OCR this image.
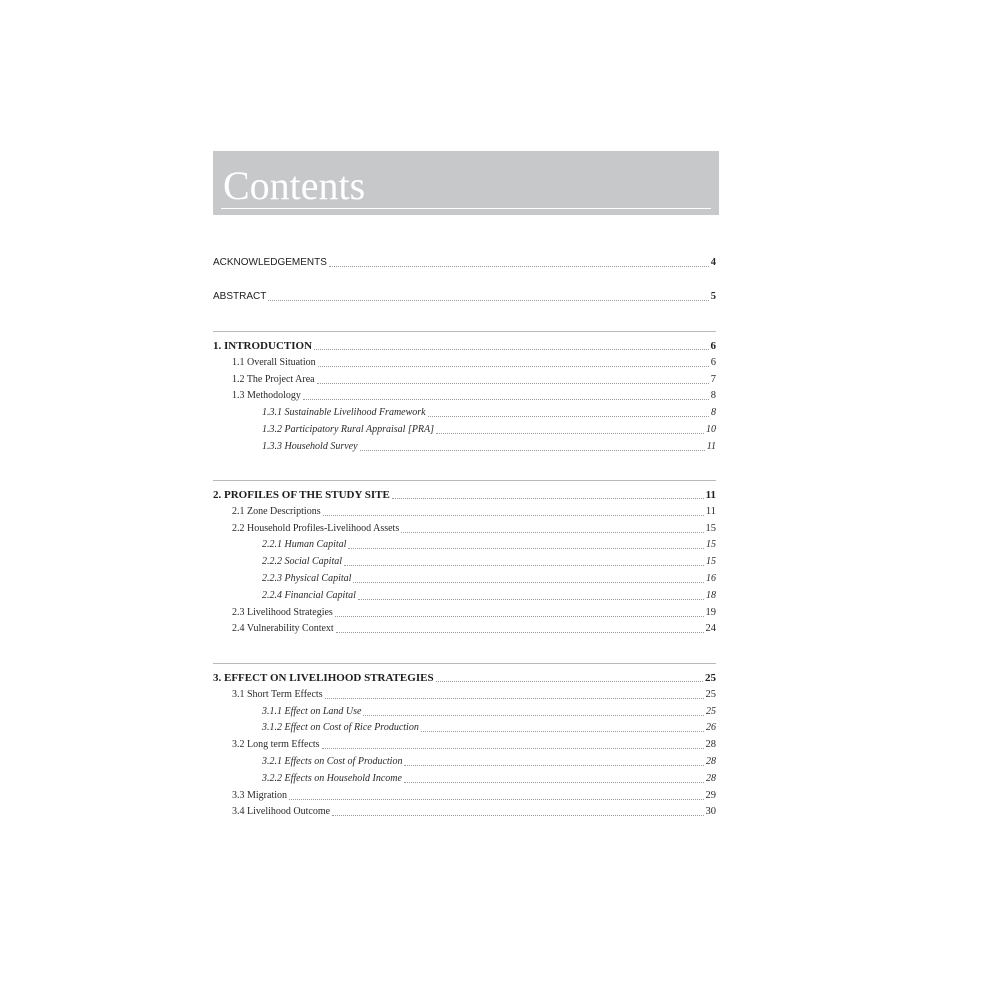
Contents
ACKNOWLEDGEMENTS	4
ABSTRACT	5
1. INTRODUCTION	6
1.1 Overall Situation	6
1.2 The Project Area	7
1.3 Methodology	8
1.3.1 Sustainable Livelihood Framework	8
1.3.2 Participatory Rural Appraisal [PRA]	10
1.3.3 Household Survey	11
2. PROFILES OF THE STUDY SITE	11
2.1 Zone Descriptions	11
2.2 Household Profiles-Livelihood Assets	15
2.2.1 Human Capital	15
2.2.2 Social Capital	15
2.2.3 Physical Capital	16
2.2.4 Financial Capital	18
2.3 Livelihood Strategies	19
2.4 Vulnerability Context	24
3. EFFECT ON LIVELIHOOD STRATEGIES	25
3.1 Short Term Effects	25
3.1.1 Effect on Land Use	25
3.1.2 Effect on Cost of Rice Production	26
3.2 Long term Effects	28
3.2.1 Effects on Cost of Production	28
3.2.2 Effects on Household Income	28
3.3 Migration	29
3.4 Livelihood Outcome	30
